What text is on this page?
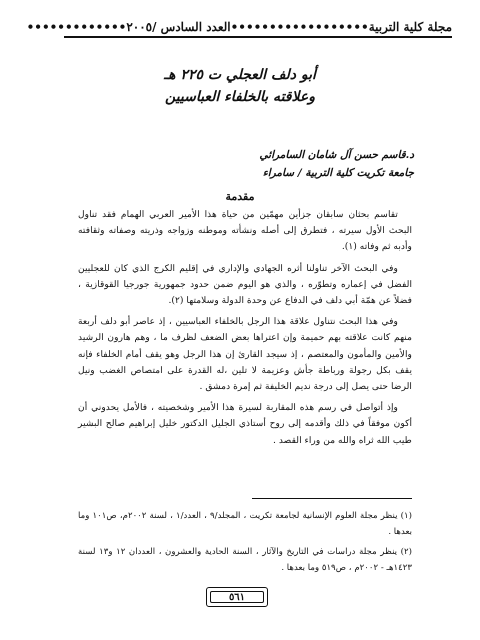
مجلة كلية التربية
••••••••••••••••••العدد السادس /٢٠٠٥•••••••••••••
أبو دلف العجلي ت ٢٢٥ هـ
وعلاقته بالخلفاء العباسيين
د.قاسم حسن آل شامان السامرائي
جامعة تكريت كلية التربية / سامراء
مقدمة

تقاسم بحثان سابقان جزأين مهمّين من حياة هذا الأمير العربي الهمام فقد تناول البحث الأول سيرته ، فتطرق إلى أصله ونشأته وموطنه وزواجه وذريته وصفاته وثقافته وأدبه ثم وفاته (١).

وفي البحث الآخر تناولنا أثره الجهادي والإداري في إقليم الكرج الذي كان للعجليين الفضل في إعماره وتطوّره ، والذي هو اليوم ضمن حدود جمهورية جورجيا القوقازية ، فضلاً عن همّة أبي دلف في الدفاع عن وحدة الدولة وسلامتها (٢).

وفي هذا البحث نتناول علاقة هذا الرجل بالخلفاء العباسيين ، إذ عاصر أبو دلف أربعة منهم كانت علاقته بهم حميمة وإن اعتراها بعض الضعف لظرف ما ، وهم هارون الرشيد والأمين والمأمون والمعتصم ، إذ سيجد القارئ إن هذا الرجل وهو يقف أمام الخلفاء فإنه يقف بكل رجولة ورباطة جأش وعزيمة لا تلين ،له القدرة على امتصاص الغضب ونيل الرضا حتى يصل إلى درجة نديم الخليفة ثم إمرة دمشق .

وإذ أتواصل في رسم هذه المقاربة لسيرة هذا الأمير وشخصيته ، فالأمل يحدوني أن أكون موفقاً في ذلك وأقدمه إلى روح أستاذي الجليل الدكتور خليل إبراهيم صالح البشير طيب الله ثراه والله من وراء القصد .

(١) ينظر مجلة العلوم الإنسانية لجامعة تكريت ، المجلد/٩ ، العدد/١ ، لسنة ٢٠٠٢م، ص١٠١ وما بعدها .

(٢) ينظر مجلة دراسات في التاريخ والآثار ، السنة الحادية والعشرون ، العددان ١٢ و١٣ لسنة ١٤٢٣هـ - ٢٠٠٢م ، ص٥١٩ وما بعدها .

٥٦١
